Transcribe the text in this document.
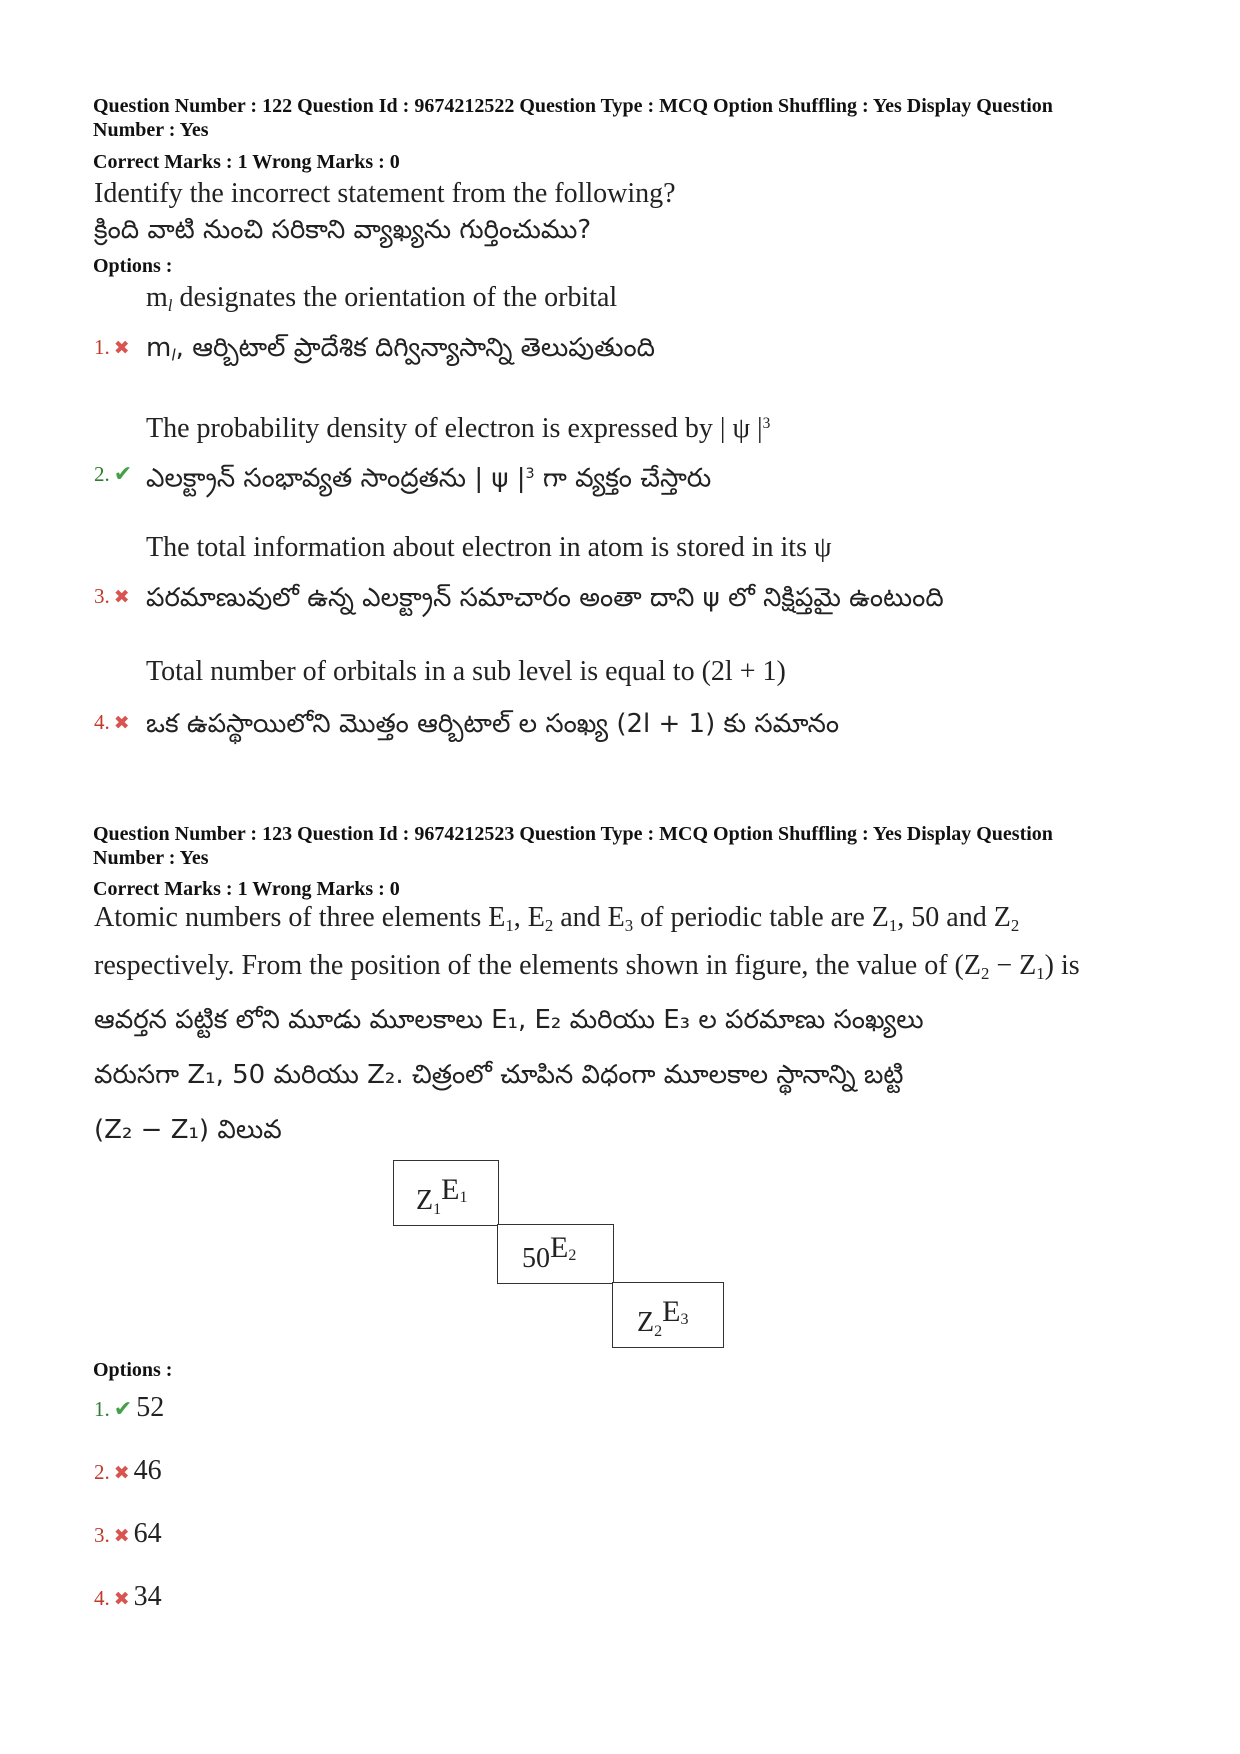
Question Number : 122 Question Id : 9674212522 Question Type : MCQ Option Shuffling : Yes Display Question
Number : Yes
Correct Marks : 1 Wrong Marks : 0
Identify the incorrect statement from the following?
క్రింది వాటి నుంచి సరికాని వ్యాఖ్యను గుర్తించుము?
Options :
$m_l$ designates the orientation of the orbital
1. ✖ $m_l$, ఆర్బిటాల్ ప్రాదేశిక దిగ్విన్యాసాన్ని తెలుపుతుంది
The probability density of electron is expressed by | ψ $|^3$
2. ✔ ఎలక్ట్రాన్ సంభావ్యత సాంద్రతను | ψ $|^3$ గా వ్యక్తం చేస్తారు
The total information about electron in atom is stored in its ψ
3. ✖ పరమాణువులో ఉన్న ఎలక్ట్రాన్ సమాచారం అంతా దాని ψ లో నిక్షిప్తమై ఉంటుంది
Total number of orbitals in a sub level is equal to (2l + 1)
4. ✖ ఒక ఉపస్థాయిలోని మొత్తం ఆర్బిటాల్ ల సంఖ్య (2l + 1) కు సమానం
Question Number : 123 Question Id : 9674212523 Question Type : MCQ Option Shuffling : Yes Display Question
Number : Yes
Correct Marks : 1 Wrong Marks : 0
Atomic numbers of three elements $E_1$, $E_2$ and $E_3$ of periodic table are $Z_1$, 50 and $Z_2$
respectively. From the position of the elements shown in figure, the value of $(Z_2 - Z_1)$ is
ఆవర్తన పట్టిక లోని మూడు మూలకాలు E₁, E₂ మరియు E₃ ల పరమాణు సంఖ్యలు
వరుసగా Z₁, 50 మరియు Z₂. చిత్రంలో చూపిన విధంగా మూలకాల స్థానాన్ని బట్టి
(Z₂ − Z₁) విలువ
$Z_1E^1$
$50E^2$
$Z_2E^3$
Options :
1. ✔ 52
2. ✖ 46
3. ✖ 64
4. ✖ 34
